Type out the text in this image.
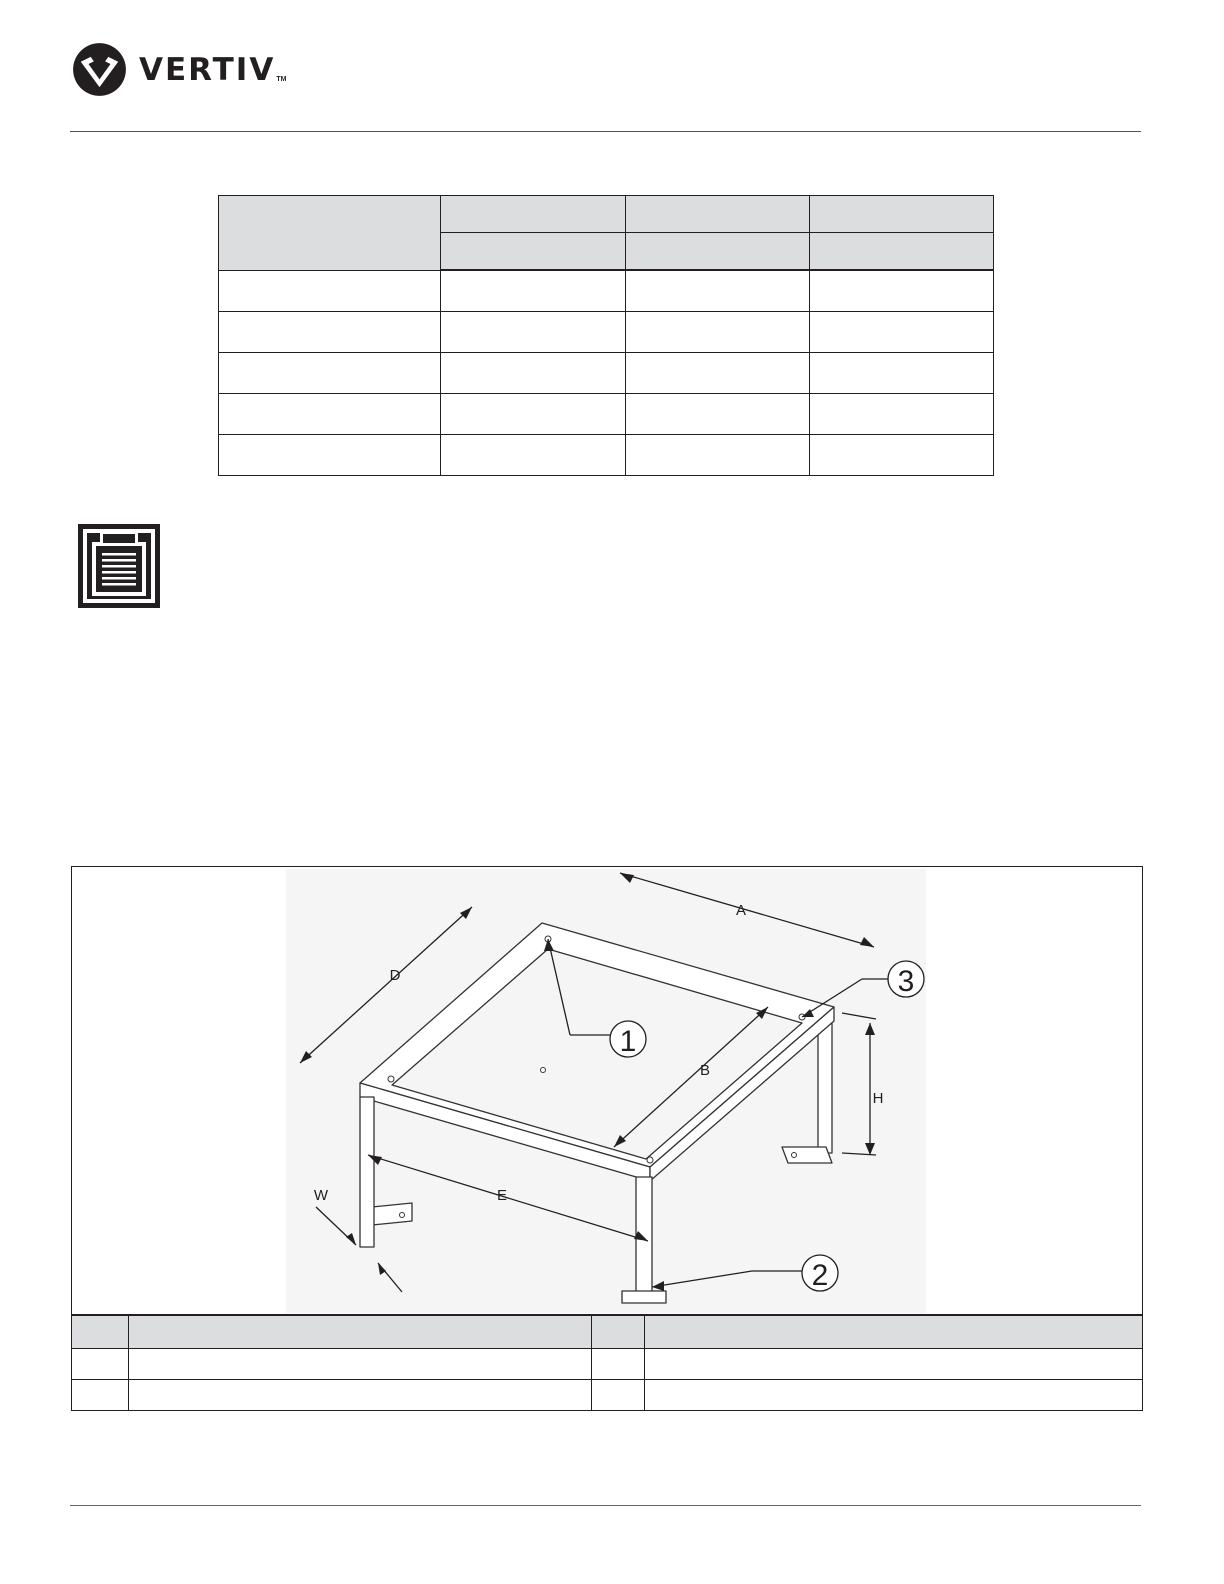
VERTIV TM

1
3
2
A
B
D
E
H
W
